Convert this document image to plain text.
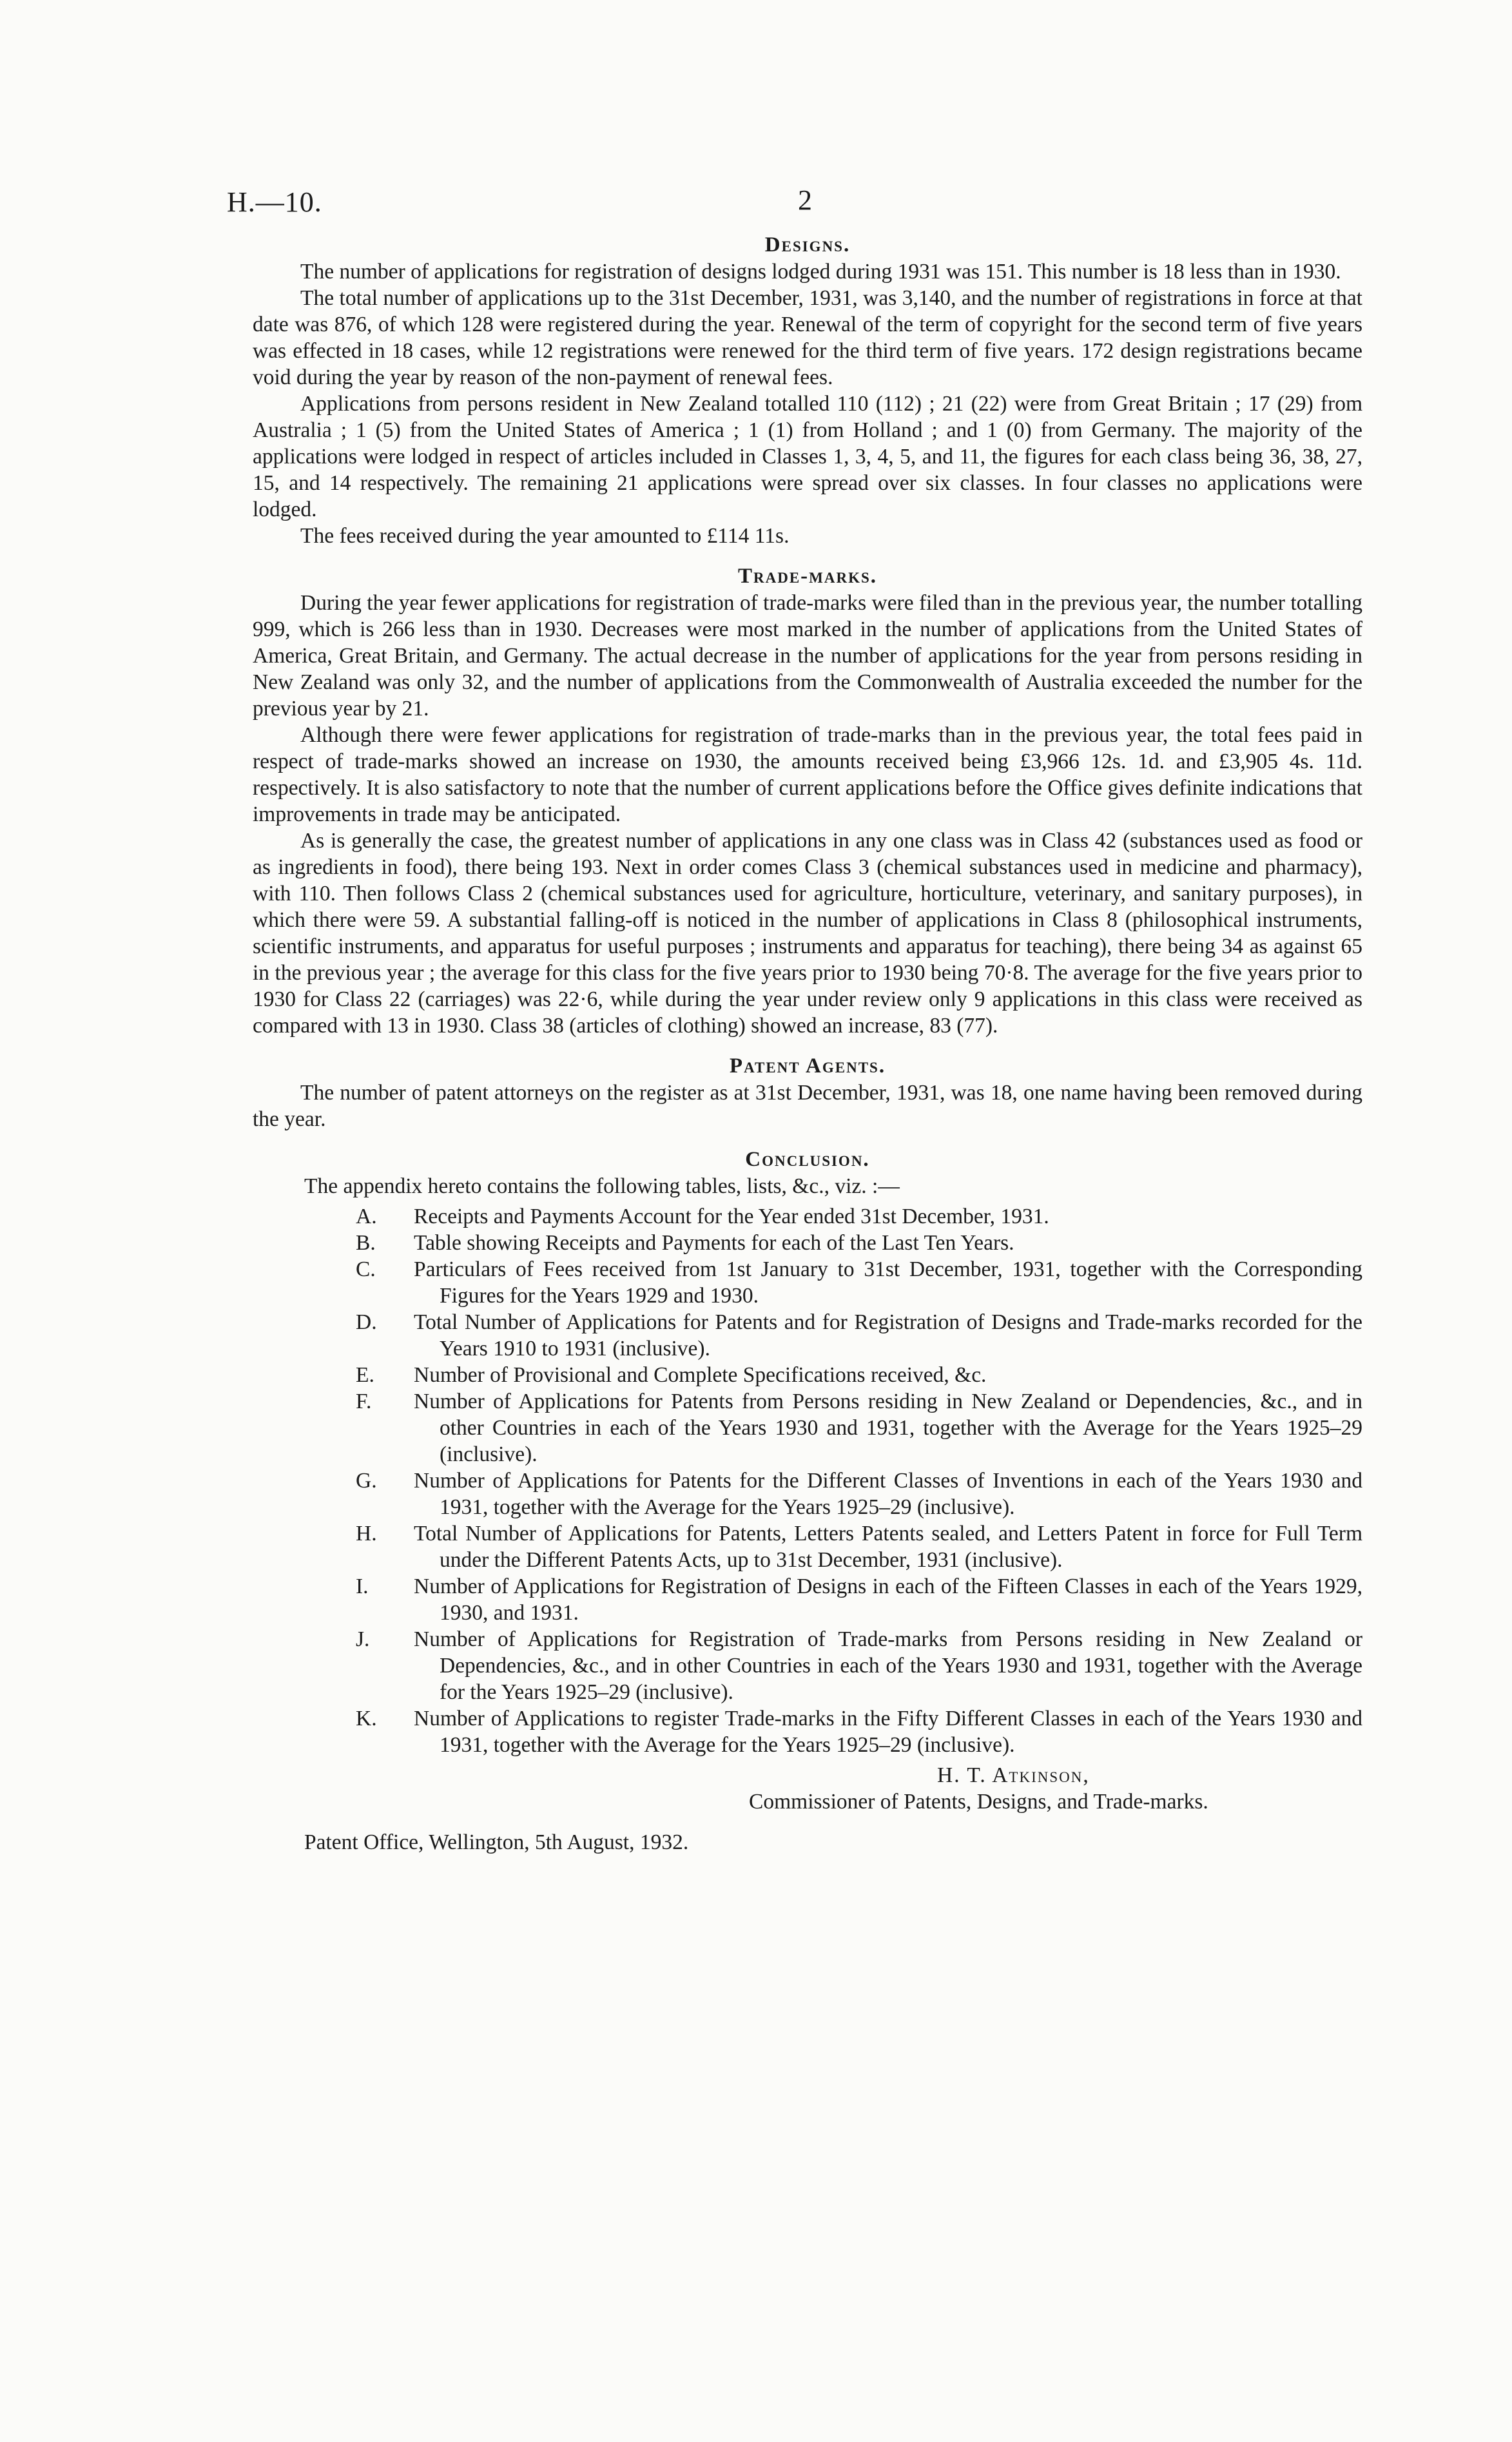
H.—10.	2
Designs.

The number of applications for registration of designs lodged during 1931 was 151. This number is 18 less than in 1930.

The total number of applications up to the 31st December, 1931, was 3,140, and the number of registrations in force at that date was 876, of which 128 were registered during the year. Renewal of the term of copyright for the second term of five years was effected in 18 cases, while 12 registrations were renewed for the third term of five years. 172 design registrations became void during the year by reason of the non-payment of renewal fees.

Applications from persons resident in New Zealand totalled 110 (112) ; 21 (22) were from Great Britain ; 17 (29) from Australia ; 1 (5) from the United States of America ; 1 (1) from Holland ; and 1 (0) from Germany. The majority of the applications were lodged in respect of articles included in Classes 1, 3, 4, 5, and 11, the figures for each class being 36, 38, 27, 15, and 14 respectively. The remaining 21 applications were spread over six classes. In four classes no applications were lodged.

The fees received during the year amounted to £114 11s.

Trade-marks.

During the year fewer applications for registration of trade-marks were filed than in the previous year, the number totalling 999, which is 266 less than in 1930. Decreases were most marked in the number of applications from the United States of America, Great Britain, and Germany. The actual decrease in the number of applications for the year from persons residing in New Zealand was only 32, and the number of applications from the Commonwealth of Australia exceeded the number for the previous year by 21.

Although there were fewer applications for registration of trade-marks than in the previous year, the total fees paid in respect of trade-marks showed an increase on 1930, the amounts received being £3,966 12s. 1d. and £3,905 4s. 11d. respectively. It is also satisfactory to note that the number of current applications before the Office gives definite indications that improvements in trade may be anticipated.

As is generally the case, the greatest number of applications in any one class was in Class 42 (substances used as food or as ingredients in food), there being 193. Next in order comes Class 3 (chemical substances used in medicine and pharmacy), with 110. Then follows Class 2 (chemical substances used for agriculture, horticulture, veterinary, and sanitary purposes), in which there were 59. A substantial falling-off is noticed in the number of applications in Class 8 (philosophical instruments, scientific instruments, and apparatus for useful purposes ; instruments and apparatus for teaching), there being 34 as against 65 in the previous year ; the average for this class for the five years prior to 1930 being 70·8. The average for the five years prior to 1930 for Class 22 (carriages) was 22·6, while during the year under review only 9 applications in this class were received as compared with 13 in 1930. Class 38 (articles of clothing) showed an increase, 83 (77).

Patent Agents.

The number of patent attorneys on the register as at 31st December, 1931, was 18, one name having been removed during the year.

Conclusion.

The appendix hereto contains the following tables, lists, &c., viz. :—

A.	Receipts and Payments Account for the Year ended 31st December, 1931.
B.	Table showing Receipts and Payments for each of the Last Ten Years.
C.	Particulars of Fees received from 1st January to 31st December, 1931, together with the Corresponding Figures for the Years 1929 and 1930.
D.	Total Number of Applications for Patents and for Registration of Designs and Trade-marks recorded for the Years 1910 to 1931 (inclusive).
E.	Number of Provisional and Complete Specifications received, &c.
F.	Number of Applications for Patents from Persons residing in New Zealand or Dependencies, &c., and in other Countries in each of the Years 1930 and 1931, together with the Average for the Years 1925–29 (inclusive).
G.	Number of Applications for Patents for the Different Classes of Inventions in each of the Years 1930 and 1931, together with the Average for the Years 1925–29 (inclusive).
H.	Total Number of Applications for Patents, Letters Patents sealed, and Letters Patent in force for Full Term under the Different Patents Acts, up to 31st December, 1931 (inclusive).
I.	Number of Applications for Registration of Designs in each of the Fifteen Classes in each of the Years 1929, 1930, and 1931.
J.	Number of Applications for Registration of Trade-marks from Persons residing in New Zealand or Dependencies, &c., and in other Countries in each of the Years 1930 and 1931, together with the Average for the Years 1925–29 (inclusive).
K.	Number of Applications to register Trade-marks in the Fifty Different Classes in each of the Years 1930 and 1931, together with the Average for the Years 1925–29 (inclusive).
H. T. Atkinson,
Commissioner of Patents, Designs, and Trade-marks.
Patent Office, Wellington, 5th August, 1932.
